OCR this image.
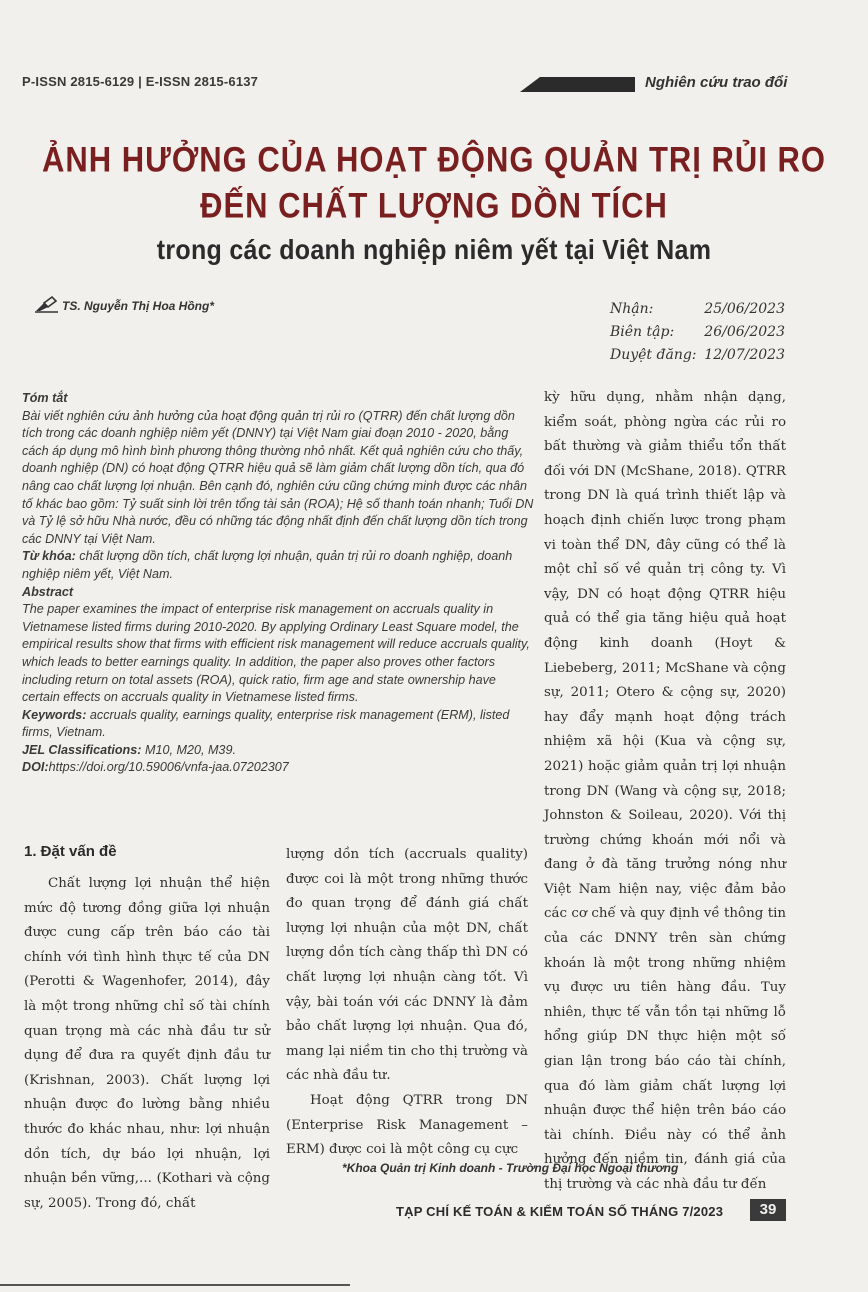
P-ISSN 2815-6129 | E-ISSN 2815-6137	Nghiên cứu trao đổi
ẢNH HƯỞNG CỦA HOẠT ĐỘNG QUẢN TRỊ RỦI RO
ĐẾN CHẤT LƯỢNG DỒN TÍCH
trong các doanh nghiệp niêm yết tại Việt Nam
TS. Nguyễn Thị Hoa Hồng*	Nhận:	25/06/2023
Biên tập: 26/06/2023
Duyệt đăng: 12/07/2023

Tóm tắt

Bài viết nghiên cứu ảnh hưởng của hoạt động quản trị rủi ro (QTRR) đến chất lượng dồn tích trong các doanh nghiệp niêm yết (DNNY) tại Việt Nam giai đoạn 2010 - 2020, bằng cách áp dụng mô hình bình phương thông thường nhỏ nhất. Kết quả nghiên cứu cho thấy, doanh nghiệp (DN) có hoạt động QTRR hiệu quả sẽ làm giảm chất lượng dồn tích, qua đó nâng cao chất lượng lợi nhuận. Bên cạnh đó, nghiên cứu cũng chứng minh được các nhân tố khác bao gồm: Tỷ suất sinh lời trên tổng tài sản (ROA); Hệ số thanh toán nhanh; Tuổi DN và Tỷ lệ sở hữu Nhà nước, đều có những tác động nhất định đến chất lượng dồn tích trong các DNNY tại Việt Nam.

Từ khóa: chất lượng dồn tích, chất lượng lợi nhuận, quản trị rủi ro doanh nghiệp, doanh nghiệp niêm yết, Việt Nam.

Abstract

The paper examines the impact of enterprise risk management on accruals quality in Vietnamese listed firms during 2010-2020. By applying Ordinary Least Square model, the empirical results show that firms with efficient risk management will reduce accruals quality, which leads to better earnings quality. In addition, the paper also proves other factors including return on total assets (ROA), quick ratio, firm age and state ownership have certain effects on accruals quality in Vietnamese listed firms.

Keywords: accruals quality, earnings quality, enterprise risk management (ERM), listed firms, Vietnam.

JEL Classifications: M10, M20, M39.

DOI:https://doi.org/10.59006/vnfa-jaa.07202307

1. Đặt vấn đề

Chất lượng lợi nhuận thể hiện mức độ tương đồng giữa lợi nhuận được cung cấp trên báo cáo tài chính với tình hình thực tế của DN (Perotti & Wagenhofer, 2014), đây là một trong những chỉ số tài chính quan trọng mà các nhà đầu tư sử dụng để đưa ra quyết định đầu tư (Krishnan, 2003). Chất lượng lợi nhuận được đo lường bằng nhiều thước đo khác nhau, như: lợi nhuận dồn tích, dự báo lợi nhuận, lợi nhuận bền vững,... (Kothari và cộng sự, 2005). Trong đó, chất

lượng dồn tích (accruals quality) được coi là một trong những thước đo quan trọng để đánh giá chất lượng lợi nhuận của một DN, chất lượng dồn tích càng thấp thì DN có chất lượng lợi nhuận càng tốt. Vì vậy, bài toán với các DNNY là đảm bảo chất lượng lợi nhuận. Qua đó, mang lại niềm tin cho thị trường và các nhà đầu tư.

Hoạt động QTRR trong DN (Enterprise Risk Management – ERM) được coi là một công cụ cực

kỳ hữu dụng, nhằm nhận dạng, kiểm soát, phòng ngừa các rủi ro bất thường và giảm thiểu tổn thất đối với DN (McShane, 2018). QTRR trong DN là quá trình thiết lập và hoạch định chiến lược trong phạm vi toàn thể DN, đây cũng có thể là một chỉ số về quản trị công ty. Vì vậy, DN có hoạt động QTRR hiệu quả có thể gia tăng hiệu quả hoạt động kinh doanh (Hoyt & Liebeberg, 2011; McShane và cộng sự, 2011; Otero & cộng sự, 2020) hay đẩy mạnh hoạt động trách nhiệm xã hội (Kua và cộng sự, 2021) hoặc giảm quản trị lợi nhuận trong DN (Wang và cộng sự, 2018; Johnston & Soileau, 2020). Với thị trường chứng khoán mới nổi và đang ở đà tăng trưởng nóng như Việt Nam hiện nay, việc đảm bảo các cơ chế và quy định về thông tin của các DNNY trên sàn chứng khoán là một trong những nhiệm vụ được ưu tiên hàng đầu. Tuy nhiên, thực tế vẫn tồn tại những lỗ hổng giúp DN thực hiện một số gian lận trong báo cáo tài chính, qua đó làm giảm chất lượng lợi nhuận được thể hiện trên báo cáo tài chính. Điều này có thể ảnh hưởng đến niềm tin, đánh giá của thị trường và các nhà đầu tư đến

*Khoa Quản trị Kinh doanh - Trường Đại học Ngoại thương
TẠP CHÍ KẾ TOÁN & KIỂM TOÁN SỐ THÁNG 7/2023	39
